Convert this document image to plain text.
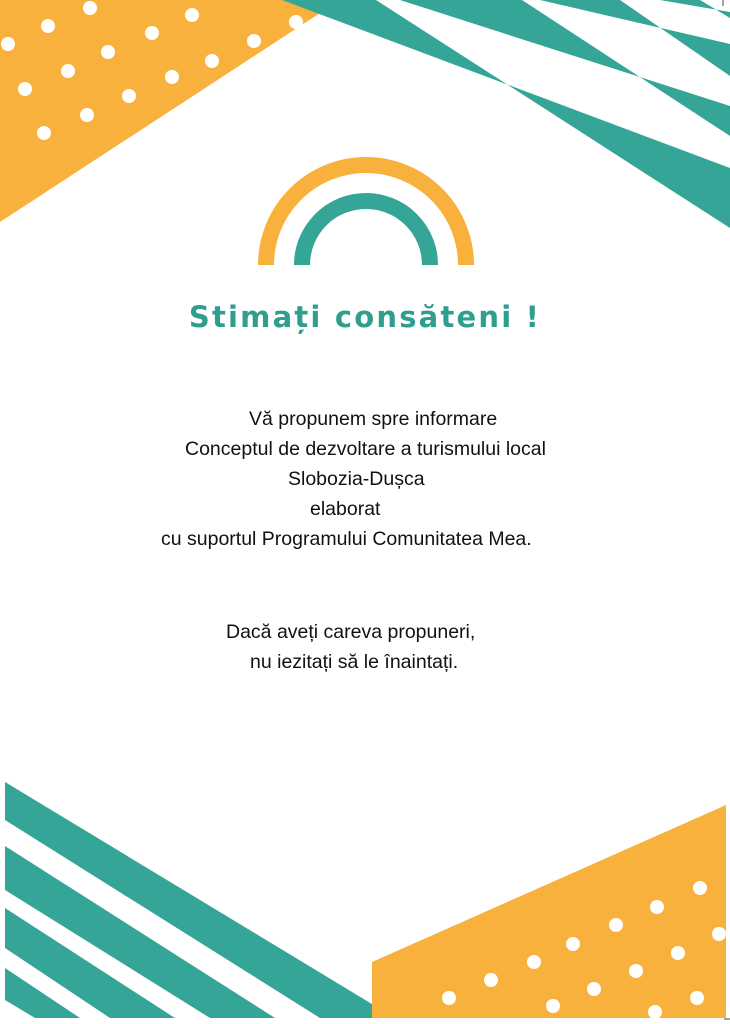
Stimați consăteni !
Vă propunem spre informare
Conceptul de dezvoltare a turismului local
Slobozia-Dușca
elaborat
cu suportul Programului Comunitatea Mea.
Dacă aveți careva propuneri,
nu iezitați să le înaintați.
